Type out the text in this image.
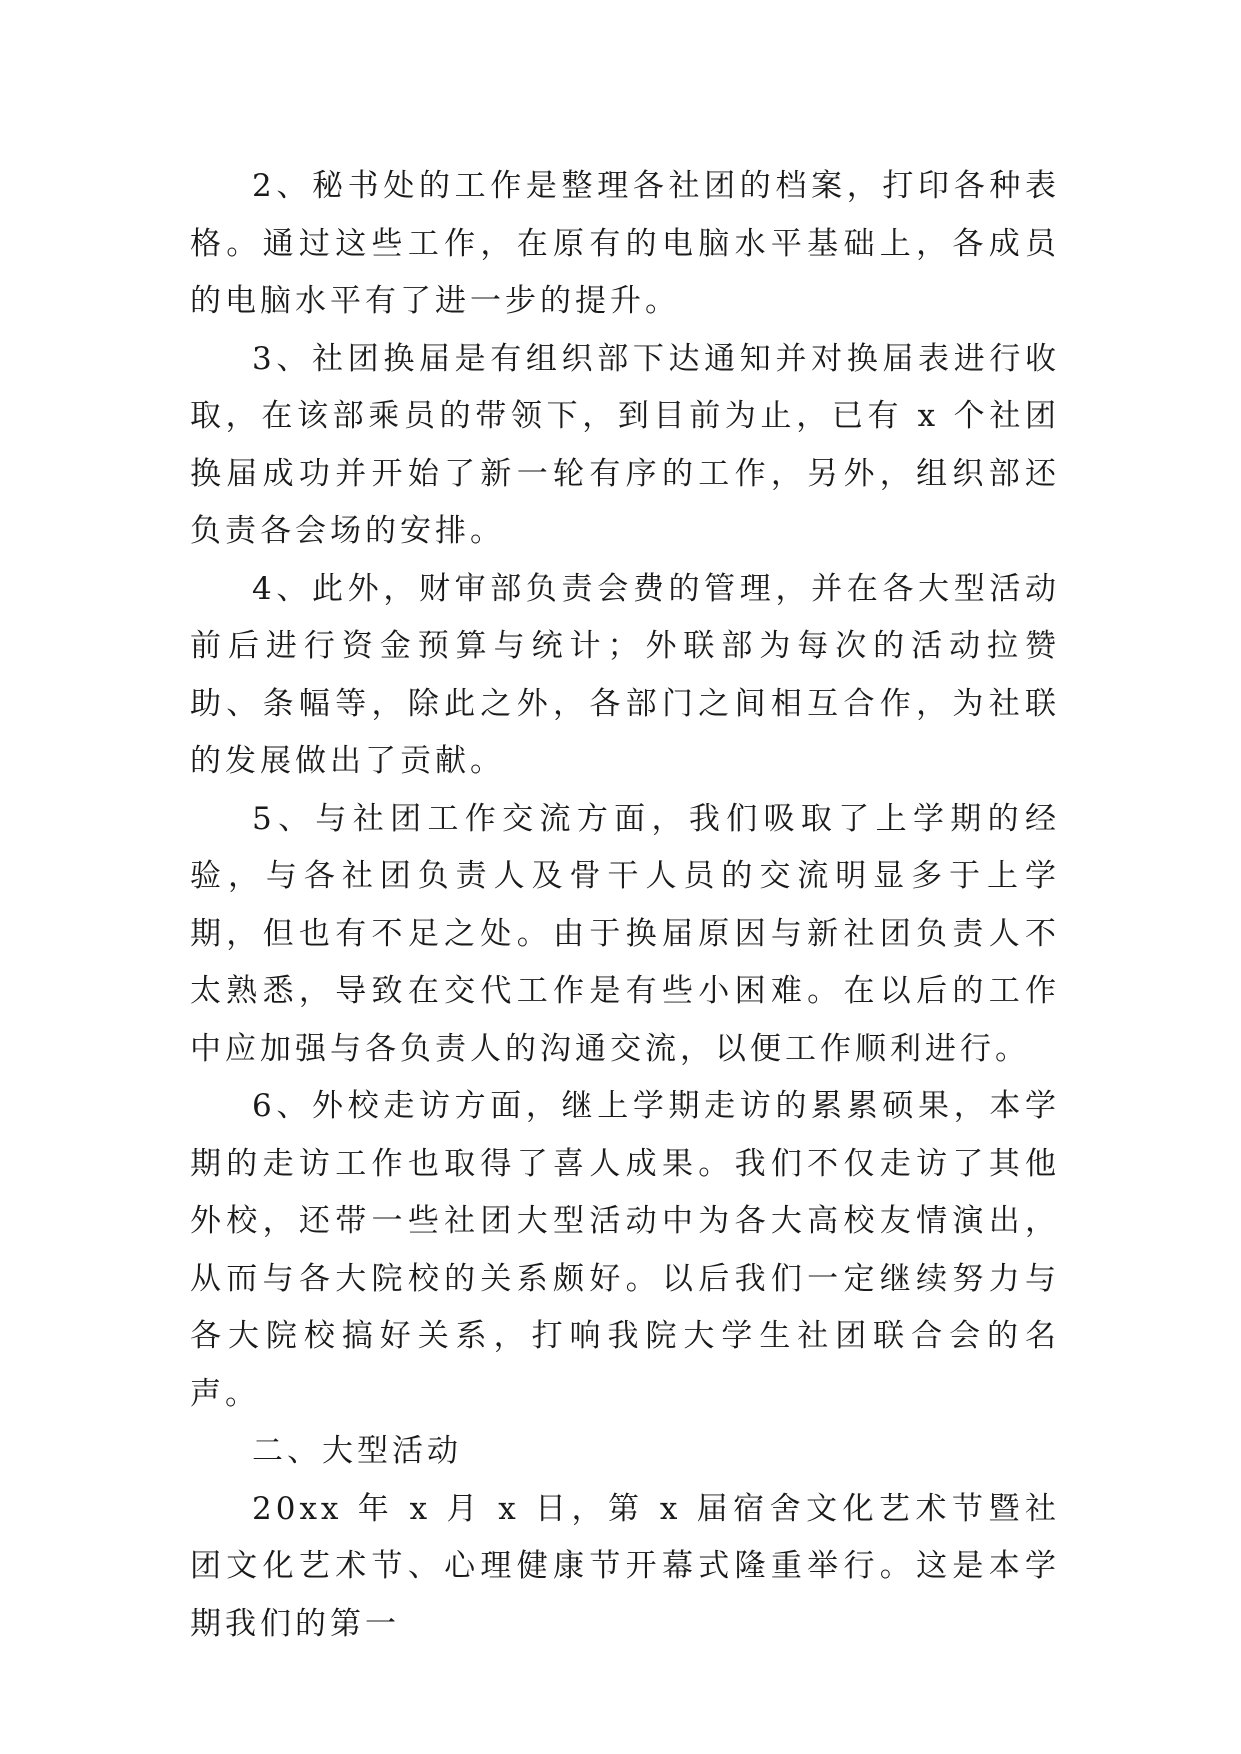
2、秘书处的工作是整理各社团的档案，打印各种表格。通过这些工作，在原有的电脑水平基础上，各成员的电脑水平有了进一步的提升。

3、社团换届是有组织部下达通知并对换届表进行收取，在该部乘员的带领下，到目前为止，已有 x 个社团换届成功并开始了新一轮有序的工作，另外，组织部还负责各会场的安排。

4、此外，财审部负责会费的管理，并在各大型活动前后进行资金预算与统计；外联部为每次的活动拉赞助、条幅等，除此之外，各部门之间相互合作，为社联的发展做出了贡献。

5、与社团工作交流方面，我们吸取了上学期的经验，与各社团负责人及骨干人员的交流明显多于上学期，但也有不足之处。由于换届原因与新社团负责人不太熟悉，导致在交代工作是有些小困难。在以后的工作中应加强与各负责人的沟通交流，以便工作顺利进行。

6、外校走访方面，继上学期走访的累累硕果，本学期的走访工作也取得了喜人成果。我们不仅走访了其他外校，还带一些社团大型活动中为各大高校友情演出，从而与各大院校的关系颇好。以后我们一定继续努力与各大院校搞好关系，打响我院大学生社团联合会的名声。

二、大型活动

20xx 年 x 月 x 日，第 x 届宿舍文化艺术节暨社团文化艺术节、心理健康节开幕式隆重举行。这是本学期我们的第一
